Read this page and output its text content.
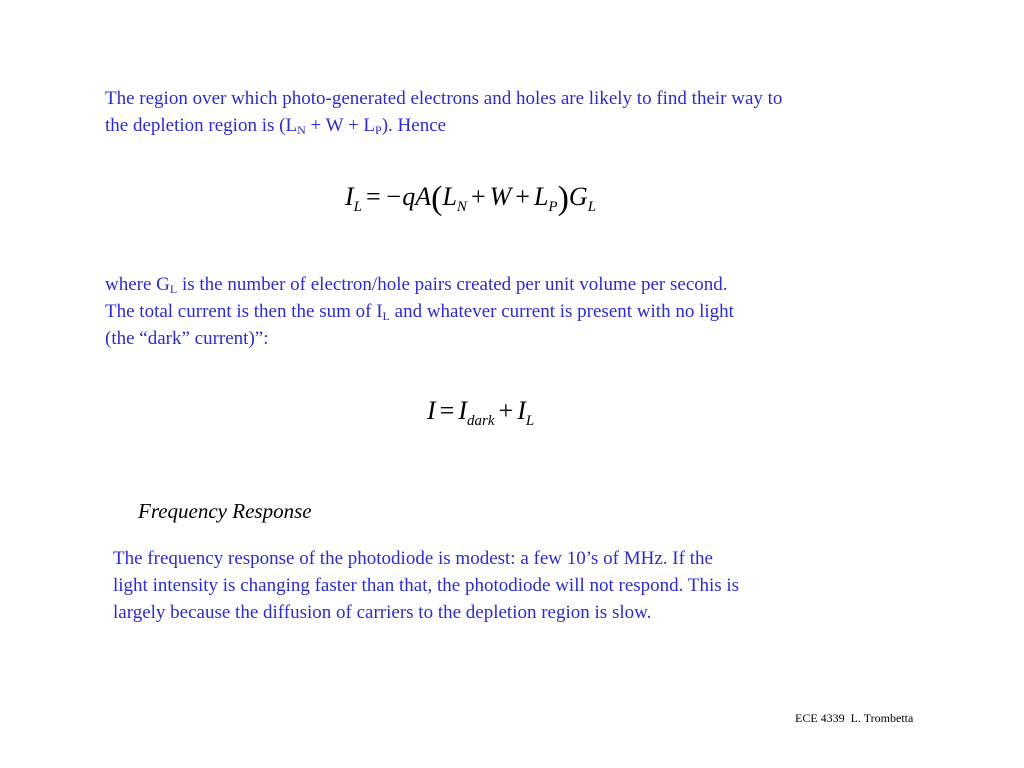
The region over which photo-generated electrons and holes are likely to find their way to
the depletion region is $(L_N + W + L_P)$. Hence
$I_L = -qA(L_N + W + L_P)G_L$
where $G_L$ is the number of electron/hole pairs created per unit volume per second.
The total current is then the sum of $I_L$ and whatever current is present with no light
(the “dark” current)”:
$I = I_{dark} + I_L$
Frequency Response
The frequency response of the photodiode is modest: a few 10’s of MHz. If the
light intensity is changing faster than that, the photodiode will not respond. This is
largely because the diffusion of carriers to the depletion region is slow.
ECE 4339  L. Trombetta
